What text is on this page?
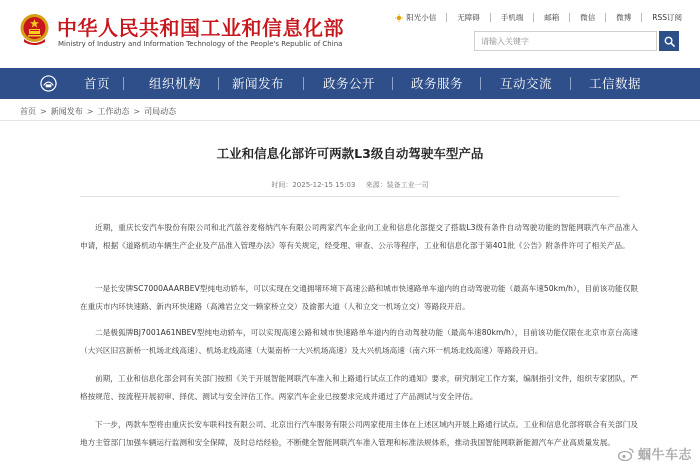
中华人民共和国工业和信息化部
Ministry of Industry and Information Technology of the People's Republic of China
阳光小信	无障碍	手机端	邮箱	微信	微博	RSS订阅
请输入关键字
首页	组织机构 新闻发布	政务公开	政务服务	互动交流	工信数据
首页 > 新闻发布 > 工作动态 > 司局动态
工业和信息化部许可两款L3级自动驾驶车型产品
时间：2025-12-15 15:03 来源：装备工业一司
近期，重庆长安汽车股份有限公司和北汽蓝谷麦格纳汽车有限公司两家汽车企业向工业和信息化部提交了搭载L3级有条件自动驾驶功能的智能网联汽车产品准入申请，根据《道路机动车辆生产企业及产品准入管理办法》等有关规定，经受理、审查、公示等程序，工业和信息化部于第401批《公告》附条件许可了相关产品。
一是长安牌SC7000AAARBEV型纯电动轿车，可以实现在交通拥堵环境下高速公路和城市快速路单车道内的自动驾驶功能（最高车速50km/h），目前该功能仅限在重庆市内环快速路、新内环快速路（高滩岩立交一赖家桥立交）及渝都大道（人和立交一机场立交）等路段开启。
二是极狐牌BJ7001A61NBEV型纯电动轿车，可以实现高速公路和城市快速路单车道内的自动驾驶功能（最高车速80km/h），目前该功能仅限在北京市京台高速（大兴区旧宫新桥一机场北线高速）、机场北线高速（大渠南桥一大兴机场高速）及大兴机场高速（南六环一机场北线高速）等路段开启。
前期，工业和信息化部会同有关部门按照《关于开展智能网联汽车准入和上路通行试点工作的通知》要求，研究制定工作方案，编制指引文件，组织专家团队，严格按规范、按流程开展初审、择优、测试与安全评估工作。两家汽车企业已按要求完成并通过了产品测试与安全评估。
下一步，两款车型将由重庆长安车联科技有限公司、北京出行汽车服务有限公司两家使用主体在上述区域内开展上路通行试点。工业和信息化部将联合有关部门及地方主管部门加强车辆运行监测和安全保障，及时总结经验，不断健全智能网联汽车准入管理和标准法规体系，推动我国智能网联新能源汽车产业高质量发展。
蝈牛车志
